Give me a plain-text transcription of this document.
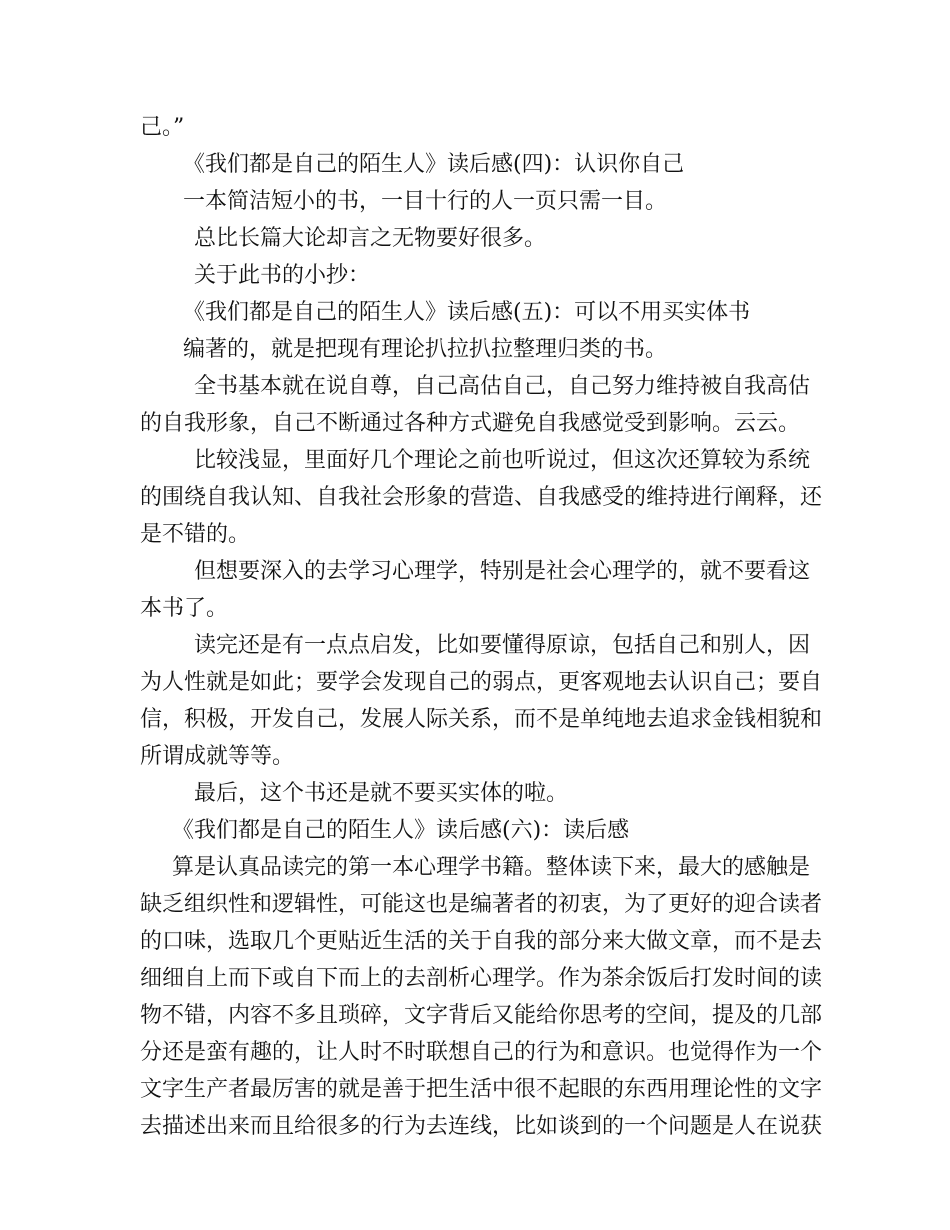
己。”
《我们都是自己的陌生人》读后感(四)：认识你自己
一本简洁短小的书，一目十行的人一页只需一目。
总比长篇大论却言之无物要好很多。
关于此书的小抄：
《我们都是自己的陌生人》读后感(五)：可以不用买实体书
编著的，就是把现有理论扒拉扒拉整理归类的书。
全书基本就在说自尊，自己高估自己，自己努力维持被自我高估
的自我形象，自己不断通过各种方式避免自我感觉受到影响。云云。
比较浅显，里面好几个理论之前也听说过，但这次还算较为系统
的围绕自我认知、自我社会形象的营造、自我感受的维持进行阐释，还
是不错的。
但想要深入的去学习心理学，特别是社会心理学的，就不要看这
本书了。
读完还是有一点点启发，比如要懂得原谅，包括自己和别人，因
为人性就是如此；要学会发现自己的弱点，更客观地去认识自己；要自
信，积极，开发自己，发展人际关系，而不是单纯地去追求金钱相貌和
所谓成就等等。
最后，这个书还是就不要买实体的啦。
《我们都是自己的陌生人》读后感(六)：读后感
算是认真品读完的第一本心理学书籍。整体读下来，最大的感触是
缺乏组织性和逻辑性，可能这也是编著者的初衷，为了更好的迎合读者
的口味，选取几个更贴近生活的关于自我的部分来大做文章，而不是去
细细自上而下或自下而上的去剖析心理学。作为茶余饭后打发时间的读
物不错，内容不多且琐碎，文字背后又能给你思考的空间，提及的几部
分还是蛮有趣的，让人时不时联想自己的行为和意识。也觉得作为一个
文字生产者最厉害的就是善于把生活中很不起眼的东西用理论性的文字
去描述出来而且给很多的行为去连线，比如谈到的一个问题是人在说获
